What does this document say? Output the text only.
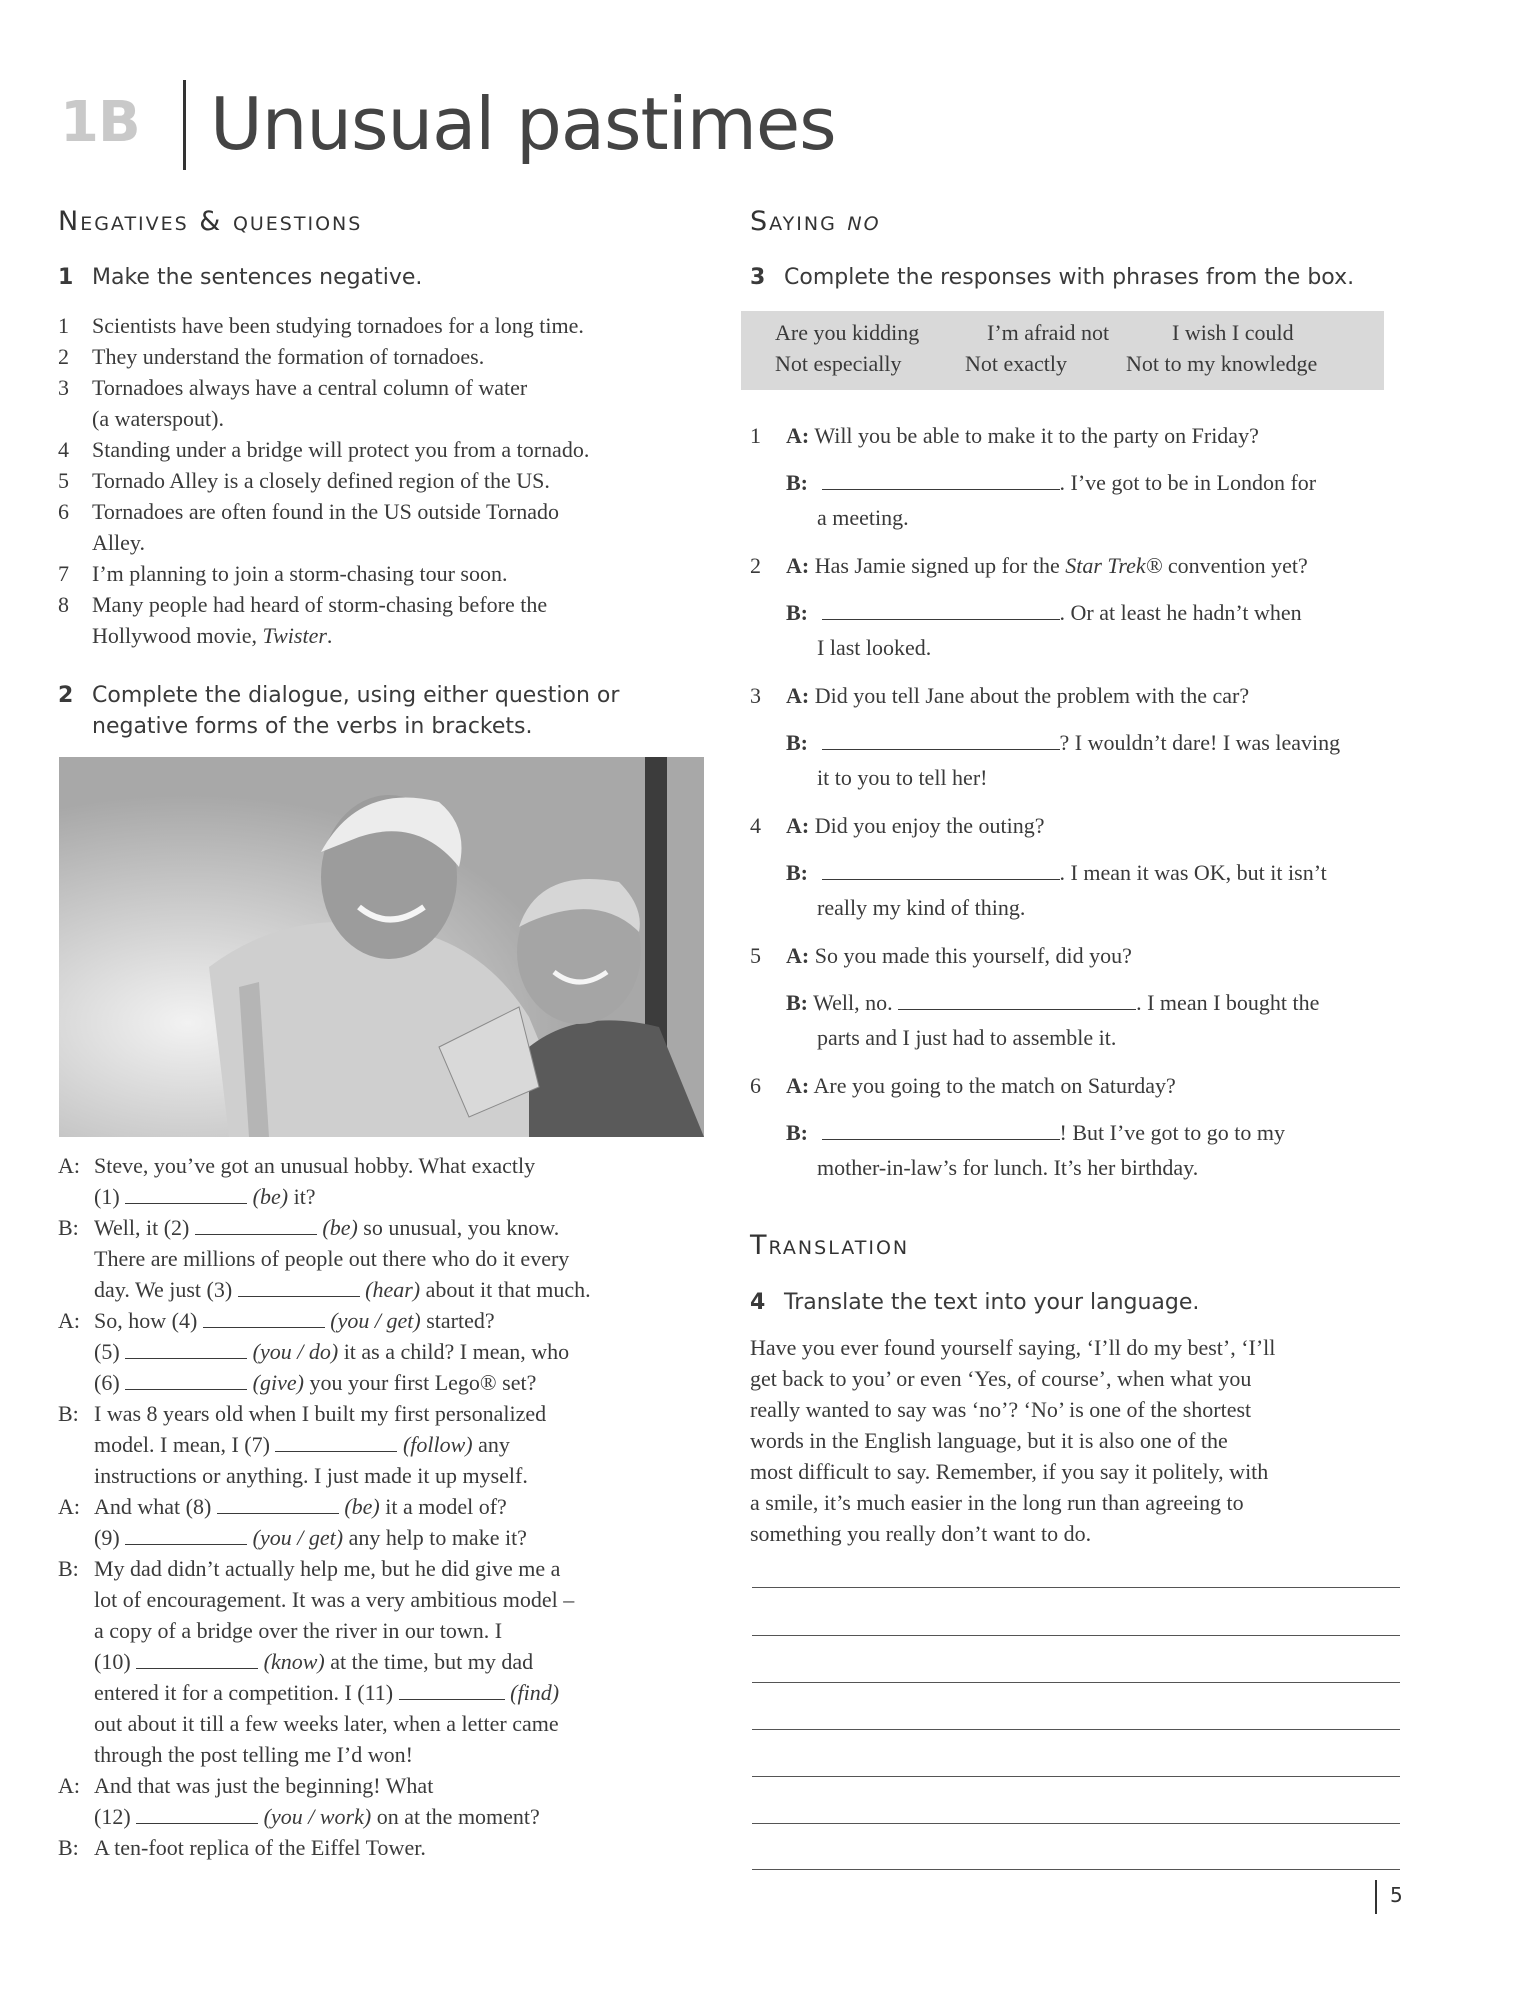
1B Unusual pastimes
Negatives & questions
1 Make the sentences negative.
1	Scientists have been studying tornadoes for a long time.
2	They understand the formation of tornadoes.
3	Tornadoes always have a central column of water
(a waterspout).
4	Standing under a bridge will protect you from a tornado.
5	Tornado Alley is a closely defined region of the US.
6	Tornadoes are often found in the US outside Tornado
Alley.
7	I’m planning to join a storm-chasing tour soon.
8	Many people had heard of storm-chasing before the
Hollywood movie, Twister.
2 Complete the dialogue, using either question or
negative forms of the verbs in brackets.
A: Steve, you’ve got an unusual hobby. What exactly
(1)	(be) it?
B: Well, it (2)	(be) so unusual, you know.
There are millions of people out there who do it every
day. We just (3)	(hear) about it that much.
A: So, how (4)	(you / get) started?
(5)	(you / do) it as a child? I mean, who
(6)	(give) you your first Lego® set?
B: I was 8 years old when I built my first personalized
model. I mean, I (7)	(follow) any
instructions or anything. I just made it up myself.
A: And what (8)	(be) it a model of?
(9)	(you / get) any help to make it?
B: My dad didn’t actually help me, but he did give me a
lot of encouragement. It was a very ambitious model –
a copy of a bridge over the river in our town. I
(10)	(know) at the time, but my dad
entered it for a competition. I (11)	(find)
out about it till a few weeks later, when a letter came
through the post telling me I’d won!
A: And that was just the beginning! What
(12)	(you / work) on at the moment?
B: A ten-foot replica of the Eiffel Tower.
Saying no
3 Complete the responses with phrases from the box.
Are you kidding	I’m afraid not	I wish I could
Not especially	Not exactly	Not to my knowledge
1 A: Will you be able to make it to the party on Friday?
B:	. I’ve got to be in London for
a meeting.
2 A: Has Jamie signed up for the Star Trek® convention yet?
B:	. Or at least he hadn’t when
I last looked.
3 A: Did you tell Jane about the problem with the car?
B:	? I wouldn’t dare! I was leaving
it to you to tell her!
4 A: Did you enjoy the outing?
B:	. I mean it was OK, but it isn’t
really my kind of thing.
5 A: So you made this yourself, did you?
B: Well, no.	. I mean I bought the
parts and I just had to assemble it.
6 A: Are you going to the match on Saturday?
B:	! But I’ve got to go to my
mother-in-law’s for lunch. It’s her birthday.
Translation
4 Translate the text into your language.
Have you ever found yourself saying, ‘I’ll do my best’, ‘I’ll
get back to you’ or even ‘Yes, of course’, when what you
really wanted to say was ‘no’? ‘No’ is one of the shortest
words in the English language, but it is also one of the
most difficult to say. Remember, if you say it politely, with
a smile, it’s much easier in the long run than agreeing to
something you really don’t want to do.
5
